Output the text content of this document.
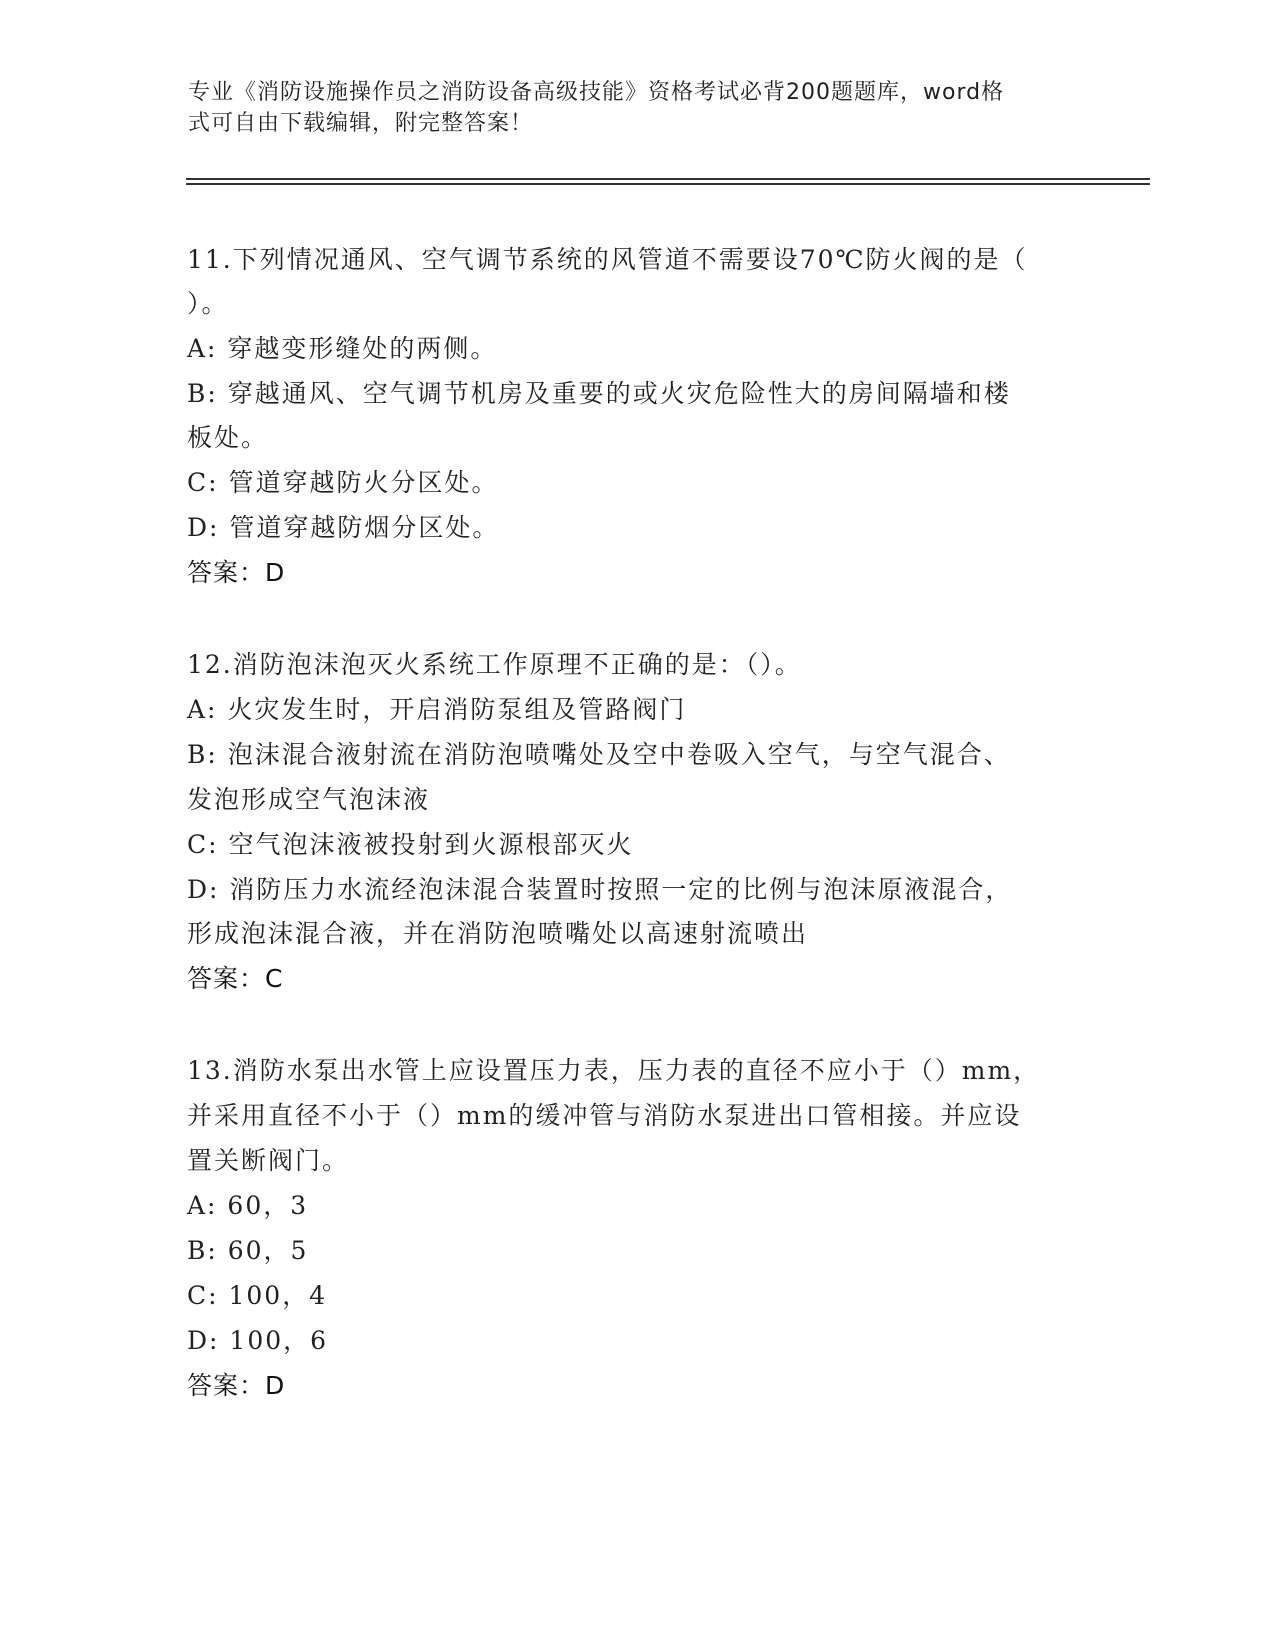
专业《消防设施操作员之消防设备高级技能》资格考试必背200题题库，word格
式可自由下载编辑，附完整答案！
11.下列情况通风、空气调节系统的风管道不需要设70℃防火阀的是（
）。
A: 穿越变形缝处的两侧。
B: 穿越通风、空气调节机房及重要的或火灾危险性大的房间隔墙和楼
板处。
C: 管道穿越防火分区处。
D: 管道穿越防烟分区处。
答案：D
12.消防泡沫泡灭火系统工作原理不正确的是：（）。
A: 火灾发生时，开启消防泵组及管路阀门
B: 泡沫混合液射流在消防泡喷嘴处及空中卷吸入空气，与空气混合、
发泡形成空气泡沫液
C: 空气泡沫液被投射到火源根部灭火
D: 消防压力水流经泡沫混合装置时按照一定的比例与泡沫原液混合，
形成泡沫混合液，并在消防泡喷嘴处以高速射流喷出
答案：C
13.消防水泵出水管上应设置压力表，压力表的直径不应小于（）mm，
并采用直径不小于（）mm的缓冲管与消防水泵进出口管相接。并应设
置关断阀门。
A: 60，3
B: 60，5
C: 100，4
D: 100，6
答案：D
